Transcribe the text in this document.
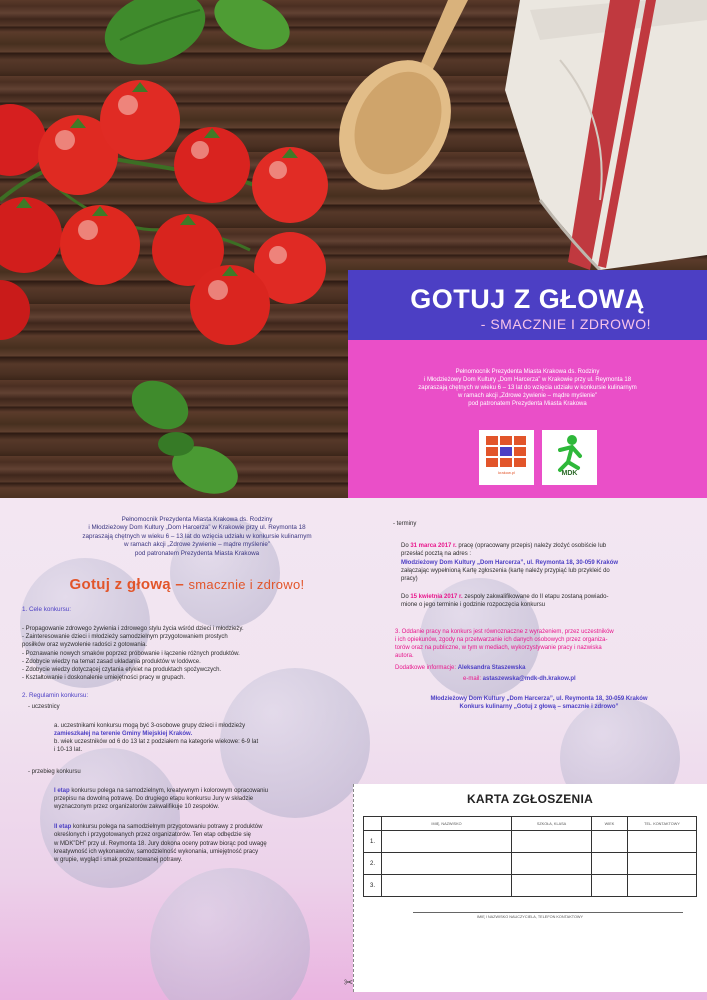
GOTUJ Z GŁOWĄ
- SMACZNIE I ZDROWO!
Pełnomocnik Prezydenta Miasta Krakowa ds. Rodziny
i Młodzieżowy Dom Kultury „Dom Harcerza” w Krakowie przy ul. Reymonta 18
zapraszają chętnych w wieku 6 – 13 lat do wzięcia udziału w konkursie kulinarnym
w ramach akcji „Zdrowe żywienie – mądre myślenie”
pod patronatem Prezydenta Miasta Krakowa
krakow.pl	MDK
Pełnomocnik Prezydenta Miasta Krakowa ds. Rodziny
i Młodzieżowy Dom Kultury „Dom Harcerza” w Krakowie przy ul. Reymonta 18
zapraszają chętnych w wieku 6 – 13 lat do wzięcia udziału w konkursie kulinarnym
w ramach akcji „Zdrowe żywienie – mądre myślenie”
pod patronatem Prezydenta Miasta Krakowa
Gotuj z głową – smacznie i zdrowo!
1. Cele konkursu:
- Propagowanie zdrowego żywienia i zdrowego stylu życia wśród dzieci i młodzieży.
- Zainteresowanie dzieci i młodzieży samodzielnym przygotowaniem prostych
posiłków oraz wyzwolenie radości z gotowania.
- Poznawanie nowych smaków poprzez próbowanie i łączenie różnych produktów.
- Zdobycie wiedzy na temat zasad układania produktów w lodówce.
- Zdobycie wiedzy dotyczącej czytania etykiet na produktach spożywczych.
- Kształtowanie i doskonalenie umiejętności pracy w grupach.
2. Regulamin konkursu:
- uczestnicy
a. uczestnikami konkursu mogą być 3-osobowe grupy dzieci i młodzieży
zamieszkałej na terenie Gminy Miejskiej Kraków.
b. wiek uczestników od 6 do 13 lat z podziałem na kategorie wiekowe: 6-9 lat
i 10-13 lat.
- przebieg konkursu
I etap konkursu polega na samodzielnym, kreatywnym i kolorowym opracowaniu
przepisu na dowolną potrawę. Do drugiego etapu konkursu Jury w składzie
wyznaczonym przez organizatorów zakwalifikuje 10 zespołów.
II etap konkursu polega na samodzielnym przygotowaniu potrawy z produktów
określonych i przygotowanych przez organizatorów. Ten etap odbędzie się
w MDK”DH” przy ul. Reymonta 18. Jury dokona oceny potraw biorąc pod uwagę
kreatywność ich wykonawców, samodzielność wykonania, umiejętność pracy
w grupie, wygląd i smak prezentowanej potrawy.
- terminy
Do 31 marca 2017 r. pracę (opracowany przepis) należy złożyć osobiście lub
przesłać pocztą na adres :
Młodzieżowy Dom Kultury „Dom Harcerza”, ul. Reymonta 18, 30-059 Kraków
załączając wypełnioną Kartę zgłoszenia (kartę należy przypiąć lub przykleić do
pracy)
Do 15 kwietnia 2017 r. zespoły zakwalifikowane do II etapu zostaną powiado-
mione o jego terminie i godzinie rozpoczęcia konkursu
3. Oddanie pracy na konkurs jest równoznaczne z wyrażeniem, przez uczestników
i ich opiekunów, zgody na przetwarzanie ich danych osobowych przez organiza-
torów oraz na publiczne, w tym w mediach, wykorzystywanie pracy i nazwiska
autora.
Dodatkowe informacje: Aleksandra Staszewska
e-mail: astaszewska@mdk-dh.krakow.pl
Młodzieżowy Dom Kultury „Dom Harcerza”, ul. Reymonta 18, 30-059 Kraków
Konkurs kulinarny „Gotuj z głową – smacznie i zdrowo”
KARTA ZGŁOSZENIA
	IMIĘ, NAZWISKO	SZKOŁA, KLASA	WIEK	TEL. KONTAKTOWY
1.				
2.				
3.				
IMIĘ I NAZWISKO NAUCZYCIELA, TELEFON KONTAKTOWY
✂
